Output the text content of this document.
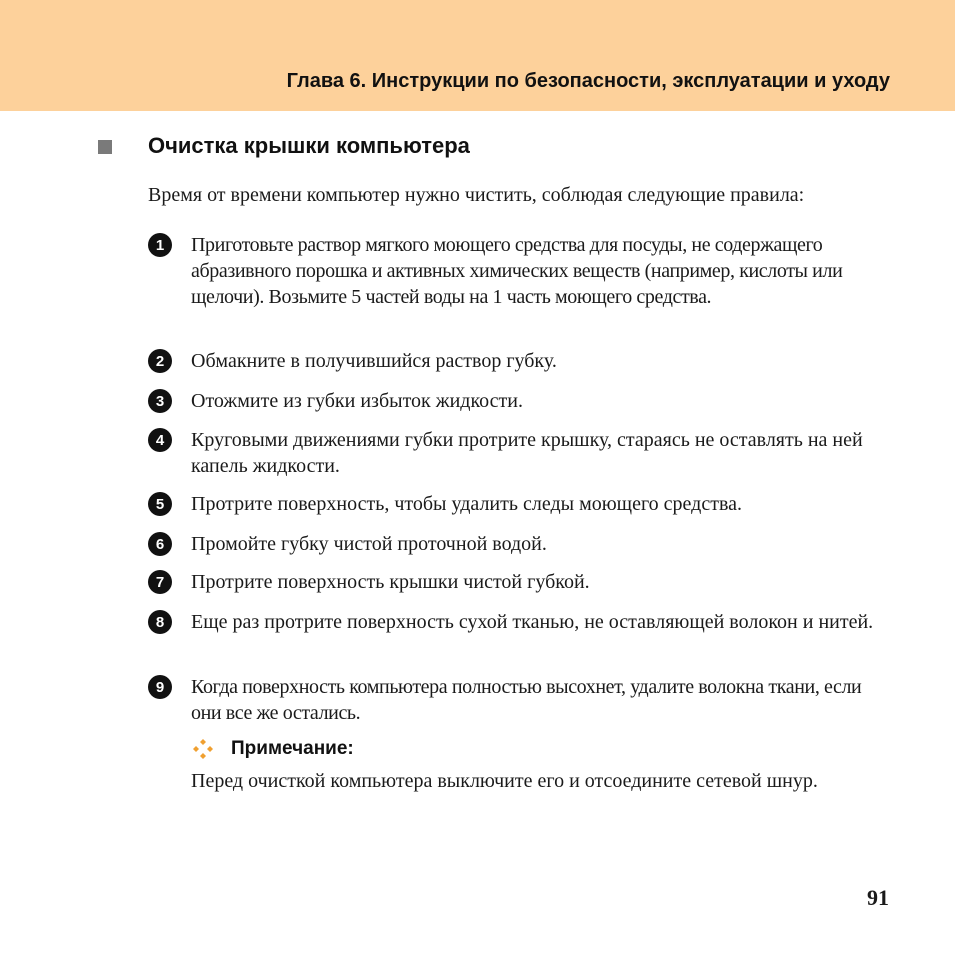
Глава 6. Инструкции по безопасности, эксплуатации и уходу
Очистка крышки компьютера
Время от времени компьютер нужно чистить, соблюдая следующие правила:
1	Приготовьте раствор мягкого моющего средства для посуды, не содержащего абразивного порошка и активных химических веществ (например, кислоты или щелочи). Возьмите 5 частей воды на 1 часть моющего средства.
2	Обмакните в получившийся раствор губку.
3	Отожмите из губки избыток жидкости.
4	Круговыми движениями губки протрите крышку, стараясь не оставлять на ней капель жидкости.
5	Протрите поверхность, чтобы удалить следы моющего средства.
6	Промойте губку чистой проточной водой.
7	Протрите поверхность крышки чистой губкой.
8	Еще раз протрите поверхность сухой тканью, не оставляющей волокон и нитей.
9	Когда поверхность компьютера полностью высохнет, удалите волокна ткани, если они все же остались.
Примечание:
Перед очисткой компьютера выключите его и отсоедините сетевой шнур.
91
